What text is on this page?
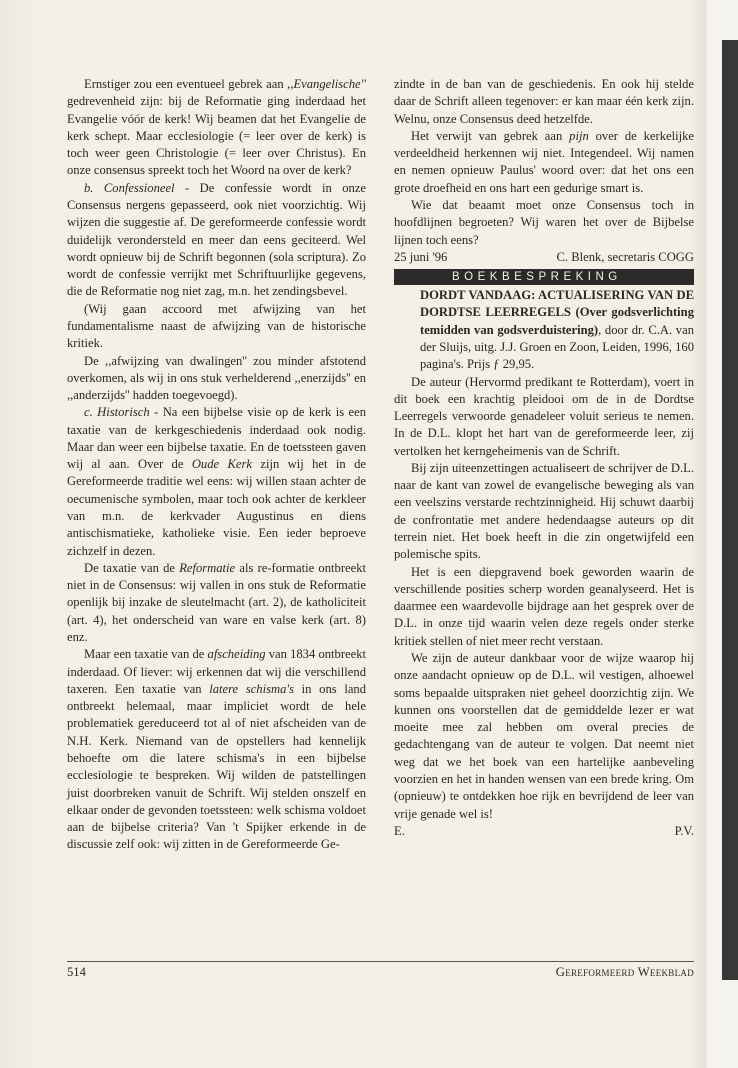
Ernstiger zou een eventueel gebrek aan ,,Evangelische'' gedrevenheid zijn: bij de Reformatie ging inderdaad het Evangelie vóór de kerk! Wij beamen dat het Evangelie de kerk schept. Maar ecclesiologie (= leer over de kerk) is toch weer geen Christologie (= leer over Christus). En onze consensus spreekt toch het Woord na over de kerk?

b. Confessioneel - De confessie wordt in onze Consensus nergens gepasseerd, ook niet voorzichtig. Wij wijzen die suggestie af. De gereformeerde confessie wordt duidelijk verondersteld en meer dan eens geciteerd. Wel wordt opnieuw bij de Schrift begonnen (sola scriptura). Zo wordt de confessie verrijkt met Schriftuurlijke gegevens, die de Reformatie nog niet zag, m.n. het zendingsbevel.

(Wij gaan accoord met afwijzing van het fundamentalisme naast de afwijzing van de historische kritiek.

De ,,afwijzing van dwalingen'' zou minder afstotend overkomen, als wij in ons stuk verhelderend ,,enerzijds'' en ,,anderzijds'' hadden toegevoegd).

c. Historisch - Na een bijbelse visie op de kerk is een taxatie van de kerkgeschiedenis inderdaad ook nodig. Maar dan weer een bijbelse taxatie. En de toetssteen gaven wij al aan. Over de Oude Kerk zijn wij het in de Gereformeerde traditie wel eens: wij willen staan achter de oecumenische symbolen, maar toch ook achter de kerkleer van m.n. de kerkvader Augustinus en diens antischismatieke, katholieke visie. Een ieder beproeve zichzelf in dezen.

De taxatie van de Reformatie als re-formatie ontbreekt niet in de Consensus: wij vallen in ons stuk de Reformatie openlijk bij inzake de sleutelmacht (art. 2), de katholiciteit (art. 4), het onderscheid van ware en valse kerk (art. 8) enz.

Maar een taxatie van de afscheiding van 1834 ontbreekt inderdaad. Of liever: wij erkennen dat wij die verschillend taxeren. Een taxatie van latere schisma's in ons land ontbreekt helemaal, maar impliciet wordt de hele problematiek gereduceerd tot al of niet afscheiden van de N.H. Kerk. Niemand van de opstellers had kennelijk behoefte om die latere schisma's in een bijbelse ecclesiologie te bespreken. Wij wilden de patstellingen juist doorbreken vanuit de Schrift. Wij stelden onszelf en elkaar onder de gevonden toetssteen: welk schisma voldoet aan de bijbelse criteria? Van 't Spijker erkende in de discussie zelf ook: wij zitten in de Gereformeerde Ge-

zindte in de ban van de geschiedenis. En ook hij stelde daar de Schrift alleen tegenover: er kan maar één kerk zijn. Welnu, onze Consensus deed hetzelfde.

Het verwijt van gebrek aan pijn over de kerkelijke verdeeldheid herkennen wij niet. Integendeel. Wij namen en nemen opnieuw Paulus' woord over: dat het ons een grote droefheid en ons hart een gedurige smart is.

Wie dat beaamt moet onze Consensus toch in hoofdlijnen begroeten? Wij waren het over de Bijbelse lijnen toch eens?

25 juni '96	C. Blenk, secretaris COGG
BOEKBESPREKING

DORDT VANDAAG: ACTUALISERING VAN DE DORDTSE LEERREGELS (Over godsverlichting temidden van godsverduistering), door dr. C.A. van der Sluijs, uitg. J.J. Groen en Zoon, Leiden, 1996, 160 pagina's. Prijs ƒ 29,95.

De auteur (Hervormd predikant te Rotterdam), voert in dit boek een krachtig pleidooi om de in de Dordtse Leerregels verwoorde genadeleer voluit serieus te nemen. In de D.L. klopt het hart van de gereformeerde leer, zij vertolken het kerngeheimenis van de Schrift.

Bij zijn uiteenzettingen actualiseert de schrijver de D.L. naar de kant van zowel de evangelische beweging als van een veelszins verstarde rechtzinnigheid. Hij schuwt daarbij de confrontatie met andere hedendaagse auteurs op dit terrein niet. Het boek heeft in die zin ongetwijfeld een polemische spits.

Het is een diepgravend boek geworden waarin de verschillende posities scherp worden geanalyseerd. Het is daarmee een waardevolle bijdrage aan het gesprek over de D.L. in onze tijd waarin velen deze regels onder sterke kritiek stellen of niet meer recht verstaan.

We zijn de auteur dankbaar voor de wijze waarop hij onze aandacht opnieuw op de D.L. wil vestigen, alhoewel soms bepaalde uitspraken niet geheel doorzichtig zijn. We kunnen ons voorstellen dat de gemiddelde lezer er wat moeite mee zal hebben om overal precies de gedachtengang van de auteur te volgen. Dat neemt niet weg dat we het boek van een hartelijke aanbeveling voorzien en het in handen wensen van een brede kring. Om (opnieuw) te ontdekken hoe rijk en bevrijdend de leer van vrije genade wel is!

E.	P.V.
514	Gereformeerd Weekblad
